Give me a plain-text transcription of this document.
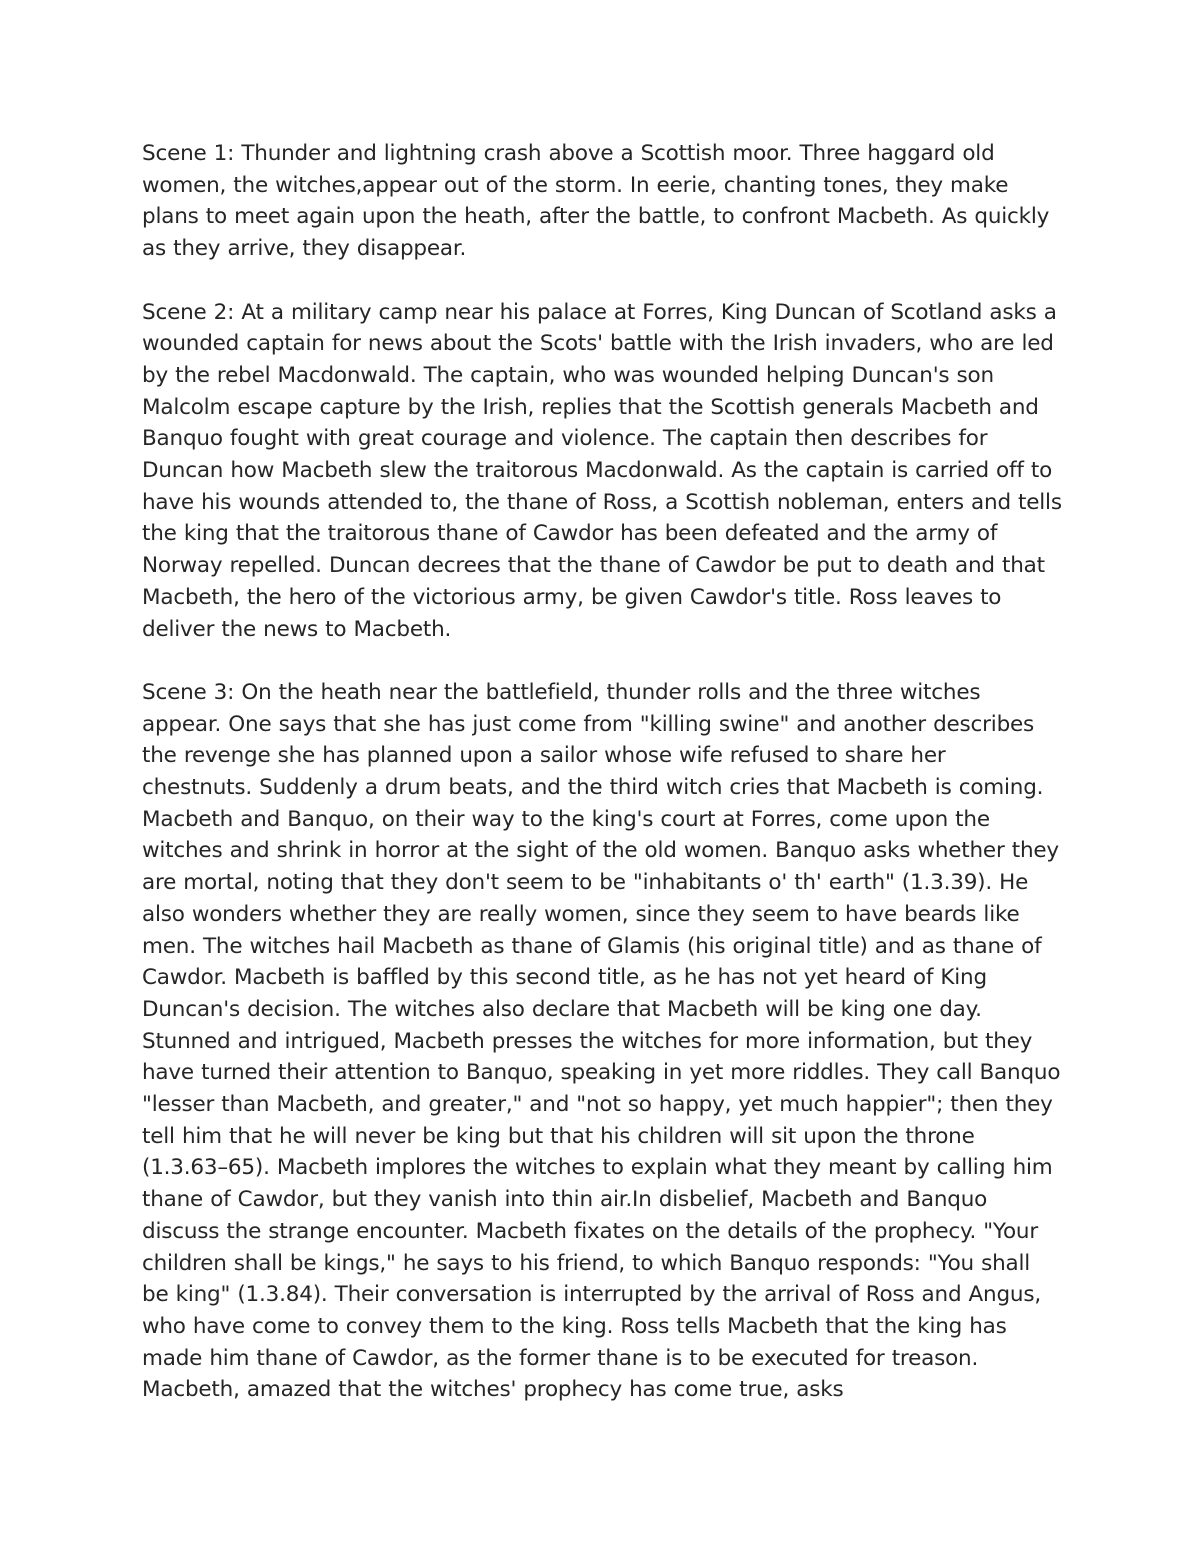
Scene 1: Thunder and lightning crash above a Scottish moor. Three haggard old women, the witches,appear out of the storm. In eerie, chanting tones, they make plans to meet again upon the heath, after the battle, to confront Macbeth. As quickly as they arrive, they disappear.

Scene 2: At a military camp near his palace at Forres, King Duncan of Scotland asks a wounded captain for news about the Scots' battle with the Irish invaders, who are led by the rebel Macdonwald. The captain, who was wounded helping Duncan's son Malcolm escape capture by the Irish, replies that the Scottish generals Macbeth and Banquo fought with great courage and violence. The captain then describes for Duncan how Macbeth slew the traitorous Macdonwald. As the captain is carried off to have his wounds attended to, the thane of Ross, a Scottish nobleman, enters and tells the king that the traitorous thane of Cawdor has been defeated and the army of Norway repelled. Duncan decrees that the thane of Cawdor be put to death and that Macbeth, the hero of the victorious army, be given Cawdor's title. Ross leaves to deliver the news to Macbeth.

Scene 3: On the heath near the battlefield, thunder rolls and the three witches appear. One says that she has just come from "killing swine" and another describes the revenge she has planned upon a sailor whose wife refused to share her chestnuts. Suddenly a drum beats, and the third witch cries that Macbeth is coming. Macbeth and Banquo, on their way to the king's court at Forres, come upon the witches and shrink in horror at the sight of the old women. Banquo asks whether they are mortal, noting that they don't seem to be "inhabitants o' th' earth" (1.3.39). He also wonders whether they are really women, since they seem to have beards like men. The witches hail Macbeth as thane of Glamis (his original title) and as thane of Cawdor. Macbeth is baffled by this second title, as he has not yet heard of King Duncan's decision. The witches also declare that Macbeth will be king one day. Stunned and intrigued, Macbeth presses the witches for more information, but they have turned their attention to Banquo, speaking in yet more riddles. They call Banquo "lesser than Macbeth, and greater," and "not so happy, yet much happier"; then they tell him that he will never be king but that his children will sit upon the throne (1.3.63–65). Macbeth implores the witches to explain what they meant by calling him thane of Cawdor, but they vanish into thin air.In disbelief, Macbeth and Banquo discuss the strange encounter. Macbeth fixates on the details of the prophecy. "Your children shall be kings," he says to his friend, to which Banquo responds: "You shall be king" (1.3.84). Their conversation is interrupted by the arrival of Ross and Angus, who have come to convey them to the king. Ross tells Macbeth that the king has made him thane of Cawdor, as the former thane is to be executed for treason. Macbeth, amazed that the witches' prophecy has come true, asks
